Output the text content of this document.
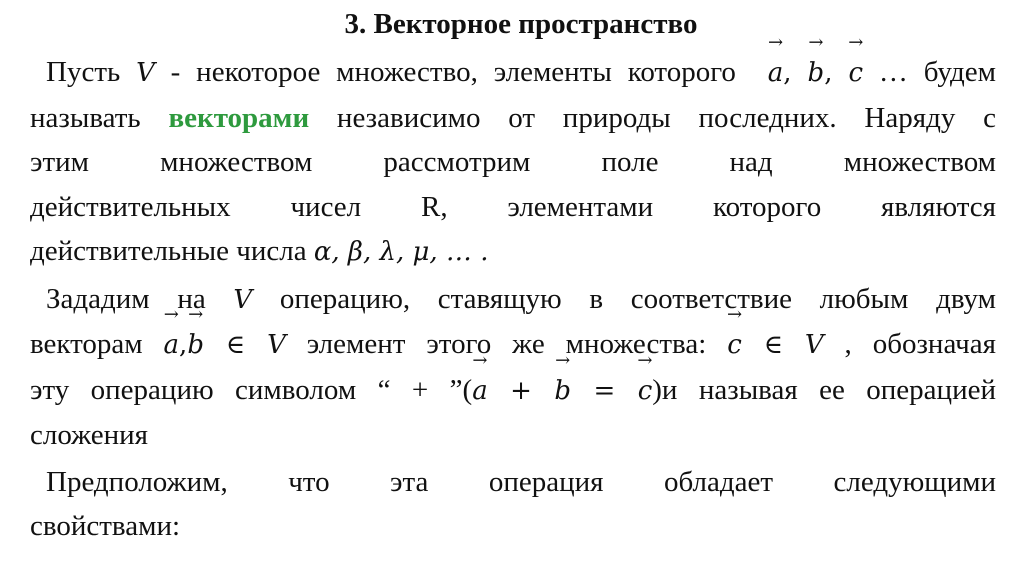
3. Векторное пространство
Пусть V - некоторое множество, элементы которого → a, → b, → c … будем
называть векторами независимо от природы последних. Наряду с
этим множеством рассмотрим поле над множеством
действительных чисел R, элементами которого являются
действительные числа α, β, λ, μ, … .
Зададим на V операцию, ставящую в соответствие любым двум
векторам → a,→ b ∈ V элемент этого же множества: → c ∈ V , обозначая
эту операцию символом “ + ”(→ a + → b = → c)и называя ее операцией
сложения
Предположим, что эта операция обладает следующими
свойствами:
